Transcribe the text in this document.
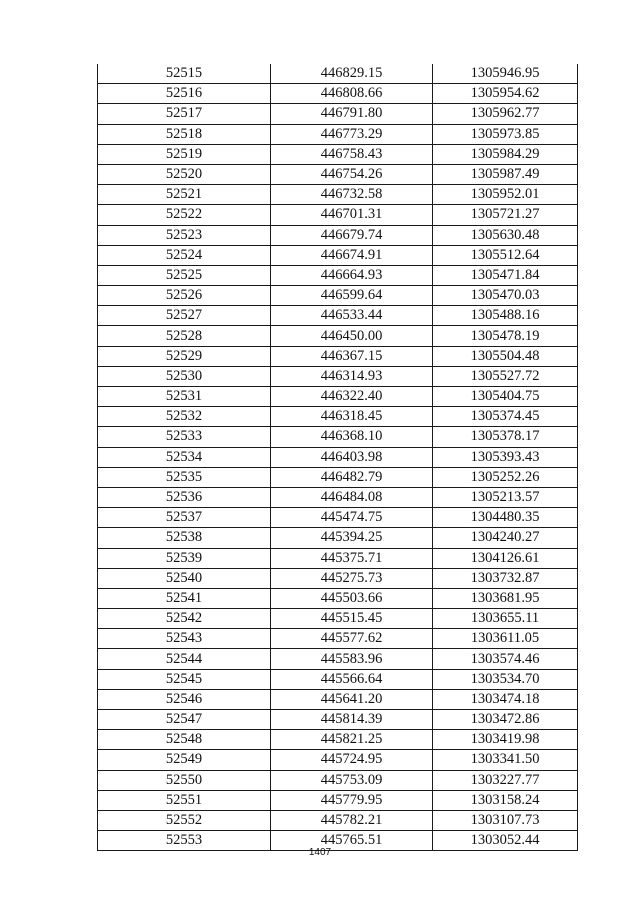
52515	446829.15	1305946.95
52516	446808.66	1305954.62
52517	446791.80	1305962.77
52518	446773.29	1305973.85
52519	446758.43	1305984.29
52520	446754.26	1305987.49
52521	446732.58	1305952.01
52522	446701.31	1305721.27
52523	446679.74	1305630.48
52524	446674.91	1305512.64
52525	446664.93	1305471.84
52526	446599.64	1305470.03
52527	446533.44	1305488.16
52528	446450.00	1305478.19
52529	446367.15	1305504.48
52530	446314.93	1305527.72
52531	446322.40	1305404.75
52532	446318.45	1305374.45
52533	446368.10	1305378.17
52534	446403.98	1305393.43
52535	446482.79	1305252.26
52536	446484.08	1305213.57
52537	445474.75	1304480.35
52538	445394.25	1304240.27
52539	445375.71	1304126.61
52540	445275.73	1303732.87
52541	445503.66	1303681.95
52542	445515.45	1303655.11
52543	445577.62	1303611.05
52544	445583.96	1303574.46
52545	445566.64	1303534.70
52546	445641.20	1303474.18
52547	445814.39	1303472.86
52548	445821.25	1303419.98
52549	445724.95	1303341.50
52550	445753.09	1303227.77
52551	445779.95	1303158.24
52552	445782.21	1303107.73
52553	445765.51	1303052.44
1407
